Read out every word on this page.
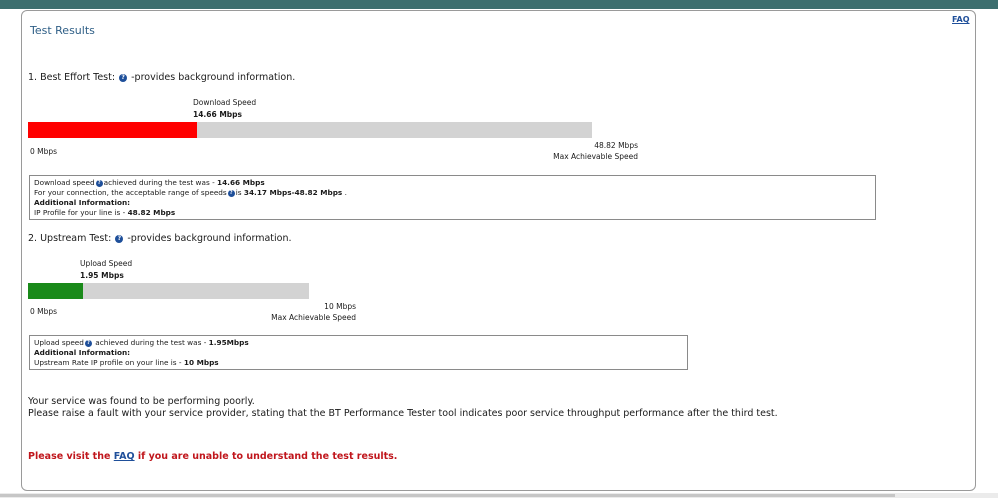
FAQ
Test Results
1. Best Effort Test: ? -provides background information.
Download Speed
14.66 Mbps
0 Mbps
48.82 Mbps
Max Achievable Speed
Download speed ? achieved during the test was - 14.66 Mbps
For your connection, the acceptable range of speeds ? is 34.17 Mbps-48.82 Mbps .
Additional Information:
IP Profile for your line is - 48.82 Mbps
2. Upstream Test: ? -provides background information.
Upload Speed
1.95 Mbps
0 Mbps
10 Mbps
Max Achievable Speed
Upload speed ? achieved during the test was - 1.95Mbps
Additional Information:
Upstream Rate IP profile on your line is - 10 Mbps
Your service was found to be performing poorly.
Please raise a fault with your service provider, stating that the BT Performance Tester tool indicates poor service throughput performance after the third test.
Please visit the FAQ if you are unable to understand the test results.
